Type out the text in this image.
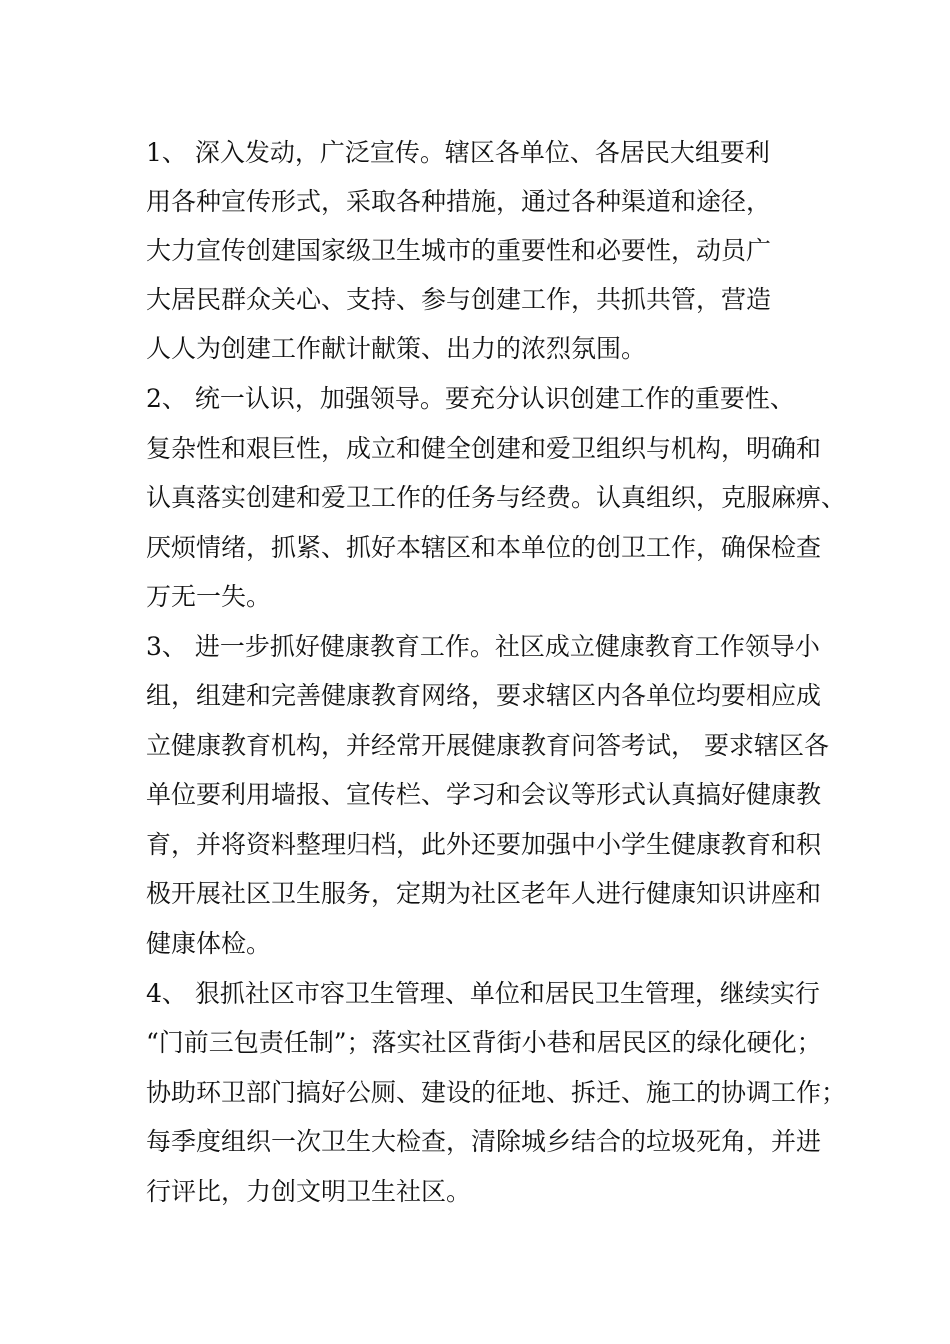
1、 深入发动，广泛宣传。辖区各单位、各居民大组要利
用各种宣传形式，采取各种措施，通过各种渠道和途径，
大力宣传创建国家级卫生城市的重要性和必要性，动员广
大居民群众关心、支持、参与创建工作，共抓共管，营造
人人为创建工作献计献策、出力的浓烈氛围。
2、 统一认识，加强领导。要充分认识创建工作的重要性、
复杂性和艰巨性，成立和健全创建和爱卫组织与机构，明确和
认真落实创建和爱卫工作的任务与经费。认真组织，克服麻痹、
厌烦情绪，抓紧、抓好本辖区和本单位的创卫工作，确保检查
万无一失。
3、 进一步抓好健康教育工作。社区成立健康教育工作领导小
组，组建和完善健康教育网络，要求辖区内各单位均要相应成
立健康教育机构，并经常开展健康教育问答考试， 要求辖区各
单位要利用墙报、宣传栏、学习和会议等形式认真搞好健康教
育，并将资料整理归档，此外还要加强中小学生健康教育和积
极开展社区卫生服务，定期为社区老年人进行健康知识讲座和
健康体检。
4、 狠抓社区市容卫生管理、单位和居民卫生管理，继续实行
“门前三包责任制”；落实社区背街小巷和居民区的绿化硬化；
协助环卫部门搞好公厕、建设的征地、拆迁、施工的协调工作；
每季度组织一次卫生大检查，清除城乡结合的垃圾死角，并进
行评比，力创文明卫生社区。
